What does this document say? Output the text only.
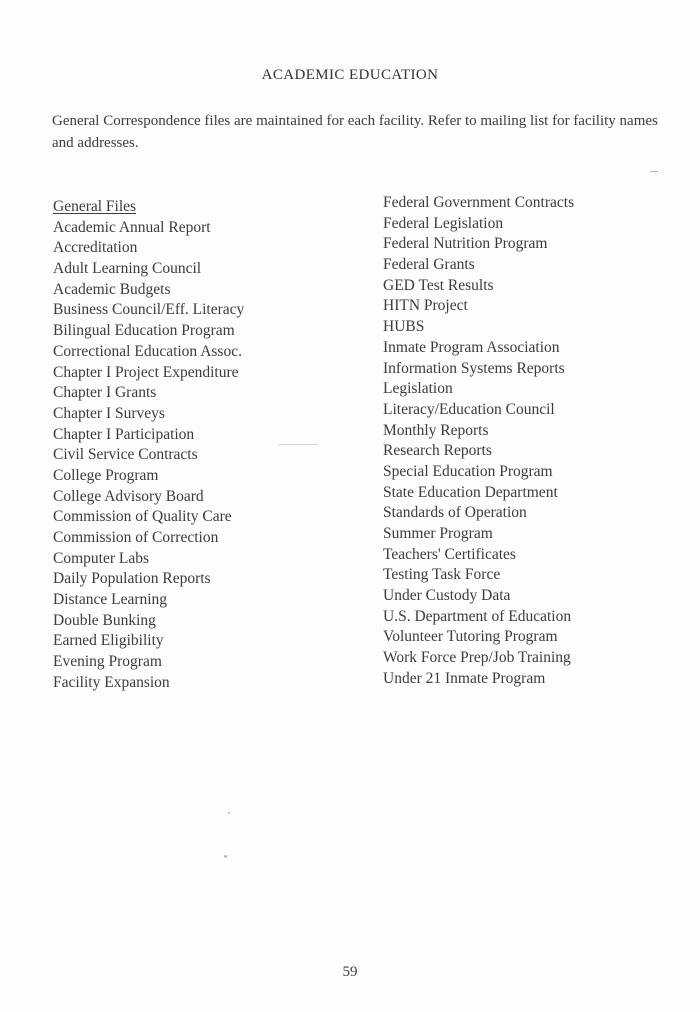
ACADEMIC EDUCATION
General Correspondence files are maintained for each facility. Refer to mailing list for facility names and addresses.
General Files
Academic Annual Report
Accreditation
Adult Learning Council
Academic Budgets
Business Council/Eff. Literacy
Bilingual Education Program
Correctional Education Assoc.
Chapter I Project Expenditure
Chapter I Grants
Chapter I Surveys
Chapter I Participation
Civil Service Contracts
College Program
College Advisory Board
Commission of Quality Care
Commission of Correction
Computer Labs
Daily Population Reports
Distance Learning
Double Bunking
Earned Eligibility
Evening Program
Facility Expansion
Federal Government Contracts
Federal Legislation
Federal Nutrition Program
Federal Grants
GED Test Results
HITN Project
HUBS
Inmate Program Association
Information Systems Reports
Legislation
Literacy/Education Council
Monthly Reports
Research Reports
Special Education Program
State Education Department
Standards of Operation
Summer Program
Teachers' Certificates
Testing Task Force
Under Custody Data
U.S. Department of Education
Volunteer Tutoring Program
Work Force Prep/Job Training
Under 21 Inmate Program
59
